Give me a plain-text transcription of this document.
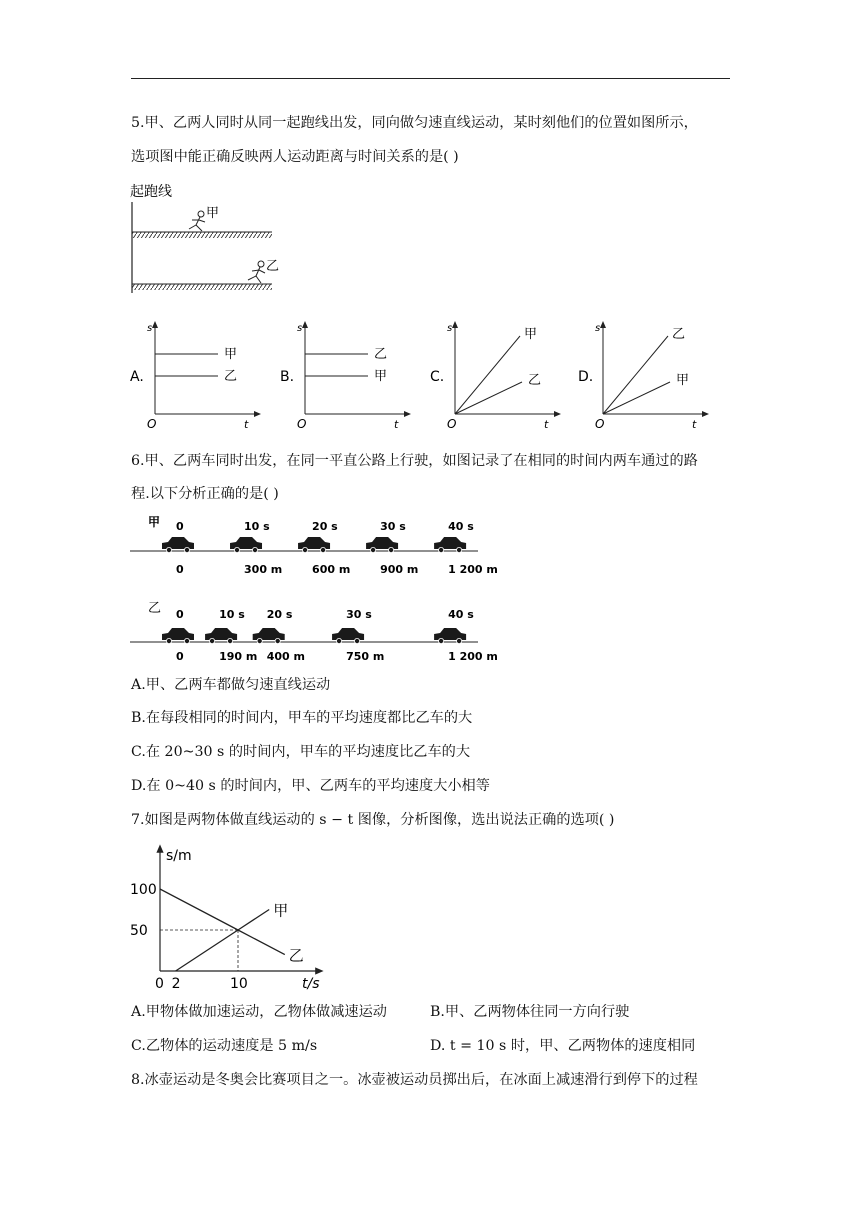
5.甲、乙两人同时从同一起跑线出发，同向做匀速直线运动，某时刻他们的位置如图所示，
选项图中能正确反映两人运动距离与时间关系的是( )
起跑线
甲
乙
A.
s
t
O
甲
乙	B.
s
t
O
乙
甲	C.
s
t
O
甲
乙	D.
s
t
O
乙
甲
6.甲、乙两车同时出发，在同一平直公路上行驶，如图记录了在相同的时间内两车通过的路
程.以下分析正确的是( )
甲
乙
0
0
10 s
300 m
20 s
600 m
30 s
900 m
40 s
1 200 m
0
0
10 s
190 m
20 s
400 m
30 s
750 m
40 s
1 200 m
A.甲、乙两车都做匀速直线运动
B.在每段相同的时间内，甲车的平均速度都比乙车的大
C.在 20~30 s 的时间内，甲车的平均速度比乙车的大
D.在 0~40 s 的时间内，甲、乙两车的平均速度大小相等
7.如图是两物体做直线运动的 s − t 图像，分析图像，选出说法正确的选项( )
s/m
t/s
甲
乙
100
50
0 2	10
A.甲物体做加速运动，乙物体做减速运动	B.甲、乙两物体往同一方向行驶
C.乙物体的运动速度是 5 m/s	D. t = 10 s 时，甲、乙两物体的速度相同
8.冰壶运动是冬奥会比赛项目之一。冰壶被运动员掷出后，在冰面上减速滑行到停下的过程
